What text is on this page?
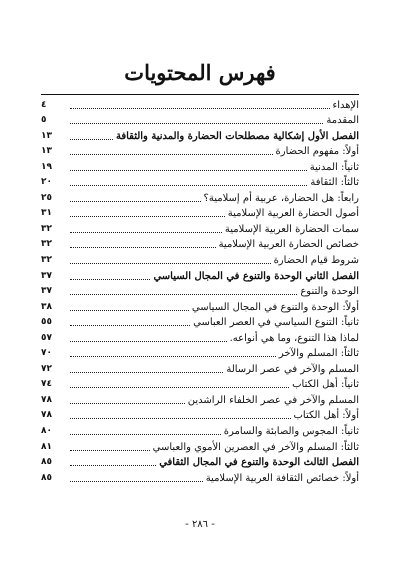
فهرس المحتويات
الإهداء
٤
المقدمة
٥
الفصل الأول إشكالية مصطلحات الحضارة والمدنية والثقافة
١٣
أولاً: مفهوم الحضارة
١٣
ثانياً: المدنية
١٩
ثالثاً: الثقافة
٢٠
رابعاً: هل الحضارة، عربية أم إسلامية؟
٢٥
أصول الحضارة العربية الإسلامية
٣١
سمات الحضارة العربية الإسلامية
٣٢
خصائص الحضارة العربية الإسلامية
٣٢
شروط قيام الحضارة
٣٢
الفصل الثاني الوحدة والتنوع في المجال السياسي
٣٧
الوحدة والتنوع
٣٧
أولاً: الوحدة والتنوع في المجال السياسي
٣٨
ثانياً: التنوع السياسي في العصر العباسي
٥٥
لماذا هذا التنوع، وما هي أنواعه.
٥٧
ثالثاً: المسلم والآخر
٧٠
المسلم والآخر في عصر الرسالة
٧٢
ثانياً: أهل الكتاب
٧٤
المسلم والآخر في عصر الخلفاء الراشدين
٧٨
أولاً: أهل الكتاب
٧٨
ثانياً: المجوس والصابئة والسامرة
٨٠
ثالثاً: المسلم والآخر في العصرين الأموي والعباسي
٨١
الفصل الثالث الوحدة والتنوع في المجال الثقافي
٨٥
أولاً: خصائص الثقافة العربية الإسلامية
٨٥
- ٢٨٦ -
